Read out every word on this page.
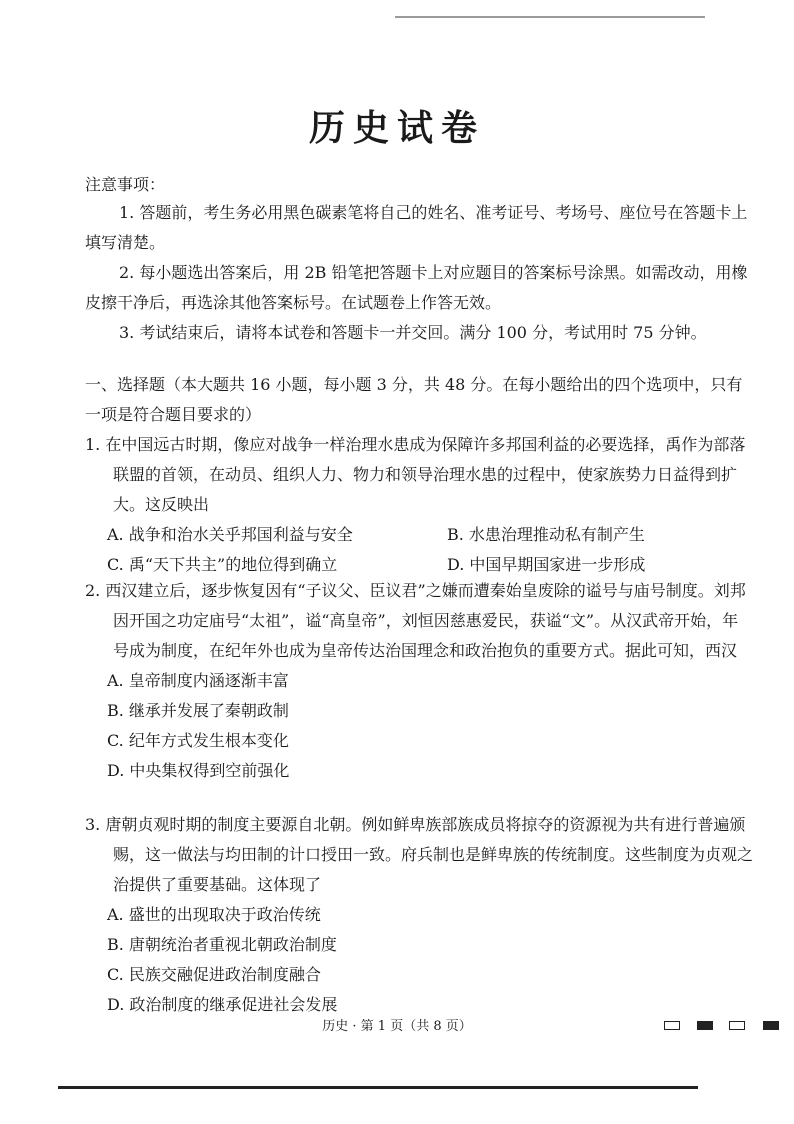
历史试卷
注意事项：

1. 答题前，考生务必用黑色碳素笔将自己的姓名、准考证号、考场号、座位号在答题卡上填写清楚。

2. 每小题选出答案后，用 2B 铅笔把答题卡上对应题目的答案标号涂黑。如需改动，用橡皮擦干净后，再选涂其他答案标号。在试题卷上作答无效。

3. 考试结束后，请将本试卷和答题卡一并交回。满分 100 分，考试用时 75 分钟。

一、选择题（本大题共 16 小题，每小题 3 分，共 48 分。在每小题给出的四个选项中，只有一项是符合题目要求的）
1. 在中国远古时期，像应对战争一样治理水患成为保障许多邦国利益的必要选择，禹作为部落联盟的首领，在动员、组织人力、物力和领导治理水患的过程中，使家族势力日益得到扩大。这反映出
A. 战争和治水关乎邦国利益与安全	B. 水患治理推动私有制产生
C. 禹“天下共主”的地位得到确立	D. 中国早期国家进一步形成
2. 西汉建立后，逐步恢复因有“子议父、臣议君”之嫌而遭秦始皇废除的谥号与庙号制度。刘邦因开国之功定庙号“太祖”，谥“高皇帝”，刘恒因慈惠爱民，获谥“文”。从汉武帝开始，年号成为制度，在纪年外也成为皇帝传达治国理念和政治抱负的重要方式。据此可知，西汉
A. 皇帝制度内涵逐渐丰富
B. 继承并发展了秦朝政制
C. 纪年方式发生根本变化
D. 中央集权得到空前强化
3. 唐朝贞观时期的制度主要源自北朝。例如鲜卑族部族成员将掠夺的资源视为共有进行普遍颁赐，这一做法与均田制的计口授田一致。府兵制也是鲜卑族的传统制度。这些制度为贞观之治提供了重要基础。这体现了
A. 盛世的出现取决于政治传统
B. 唐朝统治者重视北朝政治制度
C. 民族交融促进政治制度融合
D. 政治制度的继承促进社会发展
历史 · 第 1 页（共 8 页）
